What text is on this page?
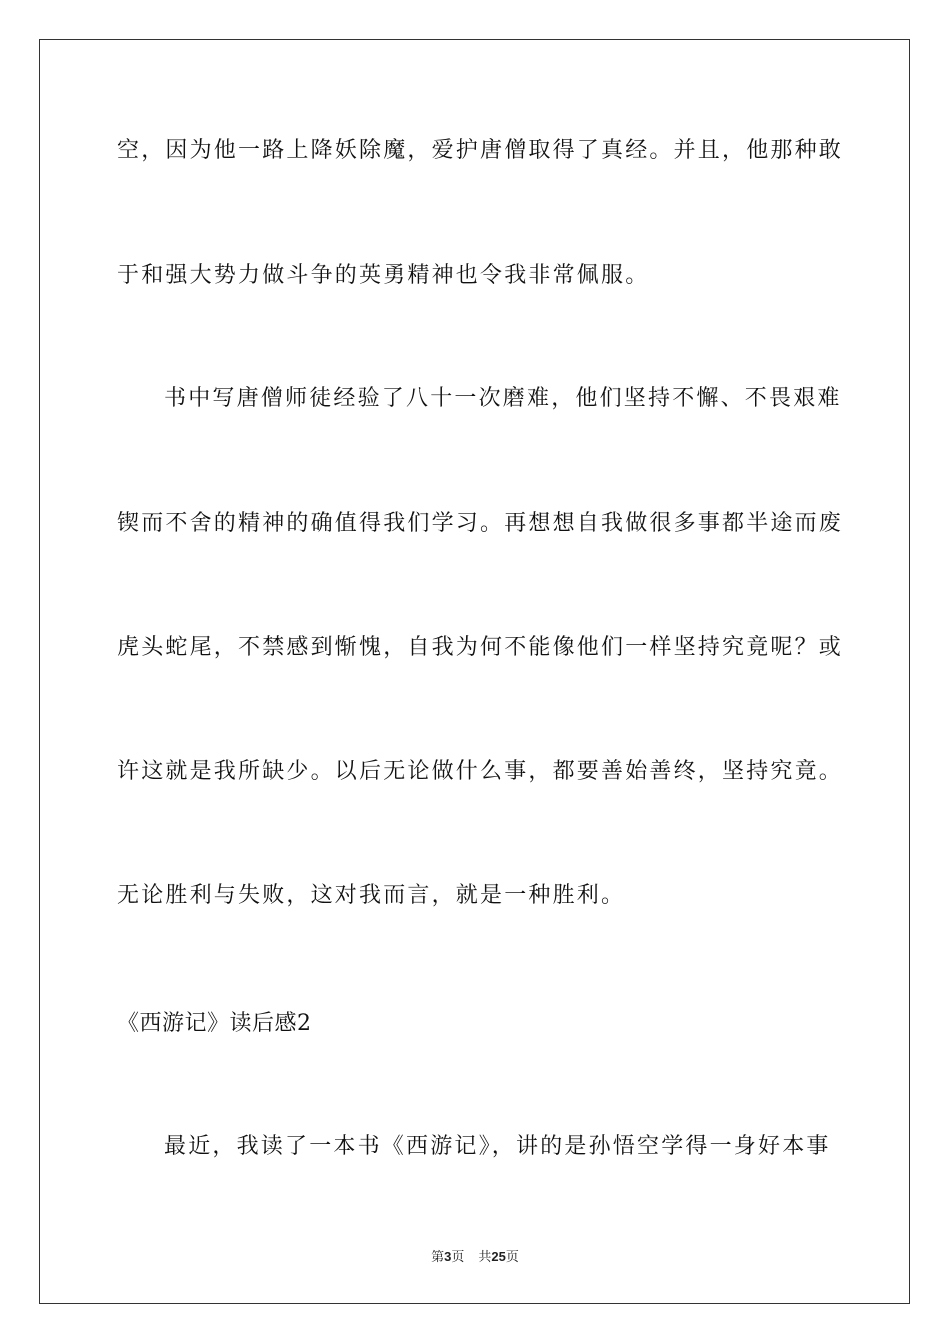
空，因为他一路上降妖除魔，爱护唐僧取得了真经。并且，他那种敢
于和强大势力做斗争的英勇精神也令我非常佩服。
书中写唐僧师徒经验了八十一次磨难，他们坚持不懈、不畏艰难
锲而不舍的精神的确值得我们学习。再想想自我做很多事都半途而废
虎头蛇尾，不禁感到惭愧，自我为何不能像他们一样坚持究竟呢？或
许这就是我所缺少。以后无论做什么事，都要善始善终，坚持究竟。
无论胜利与失败，这对我而言，就是一种胜利。
《西游记》读后感2
最近，我读了一本书《西游记》，讲的是孙悟空学得一身好本事
第3页 共25页
